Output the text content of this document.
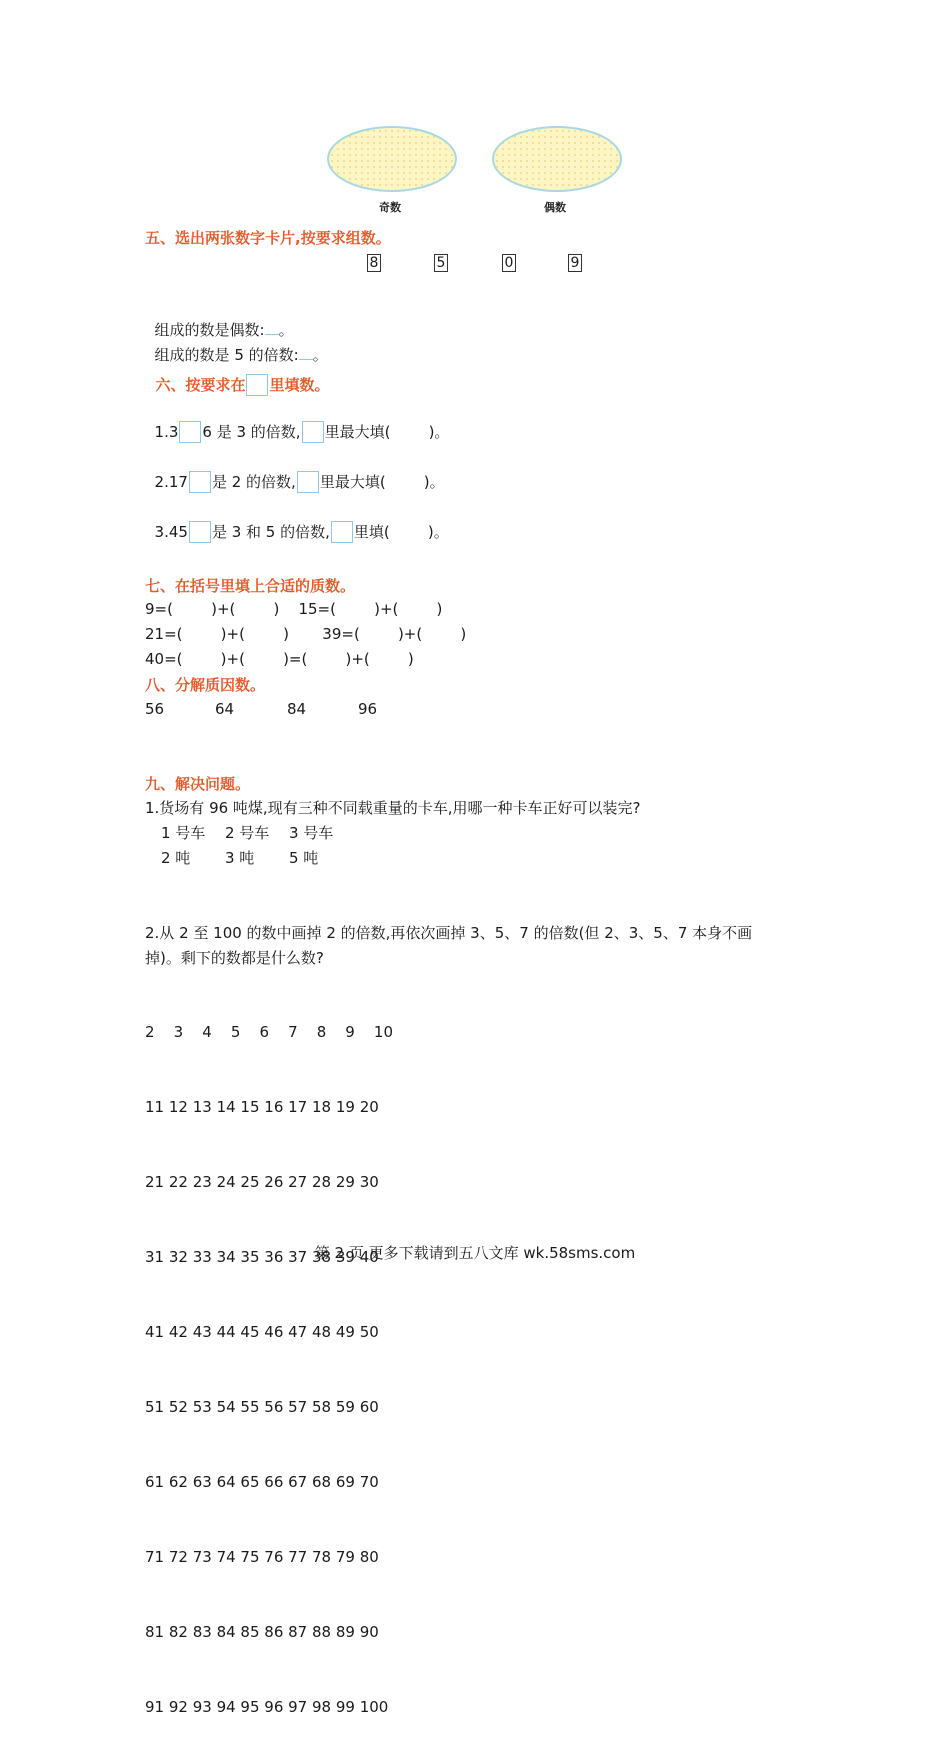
奇数	偶数
五、选出两张数字卡片,按要求组数。
8	5	0	9

组成的数是偶数: 。

组成的数是 5 的倍数: 。

六、按要求在 里填数。

1.3 6 是 3 的倍数, 里最大填(        )。

2.17 是 2 的倍数, 里最大填(        )。

3.45 是 3 和 5 的倍数, 里填(        )。

七、在括号里填上合适的质数。
9=(        )+(        )    15=(        )+(        )
21=(        )+(        )       39=(        )+(        )
40=(        )+(        )=(        )+(        )
八、分解质因数。
56	64	84	96
九、解决问题。
1.货场有 96 吨煤,现有三种不同载重量的卡车,用哪一种卡车正好可以装完?
1 号车 2 号车 3 号车
2 吨 3 吨 5 吨
2.从 2 至 100 的数中画掉 2 的倍数,再依次画掉 3、5、7 的倍数(但 2、3、5、7 本身不画
掉)。剩下的数都是什么数?

2    3    4    5    6    7    8    9    10

11 12 13 14 15 16 17 18 19 20

21 22 23 24 25 26 27 28 29 30

31 32 33 34 35 36 37 38 39 40

41 42 43 44 45 46 47 48 49 50

51 52 53 54 55 56 57 58 59 60

61 62 63 64 65 66 67 68 69 70

71 72 73 74 75 76 77 78 79 80

81 82 83 84 85 86 87 88 89 90

91 92 93 94 95 96 97 98 99 100

第 2 页 更多下载请到五八文库 wk.58sms.com
